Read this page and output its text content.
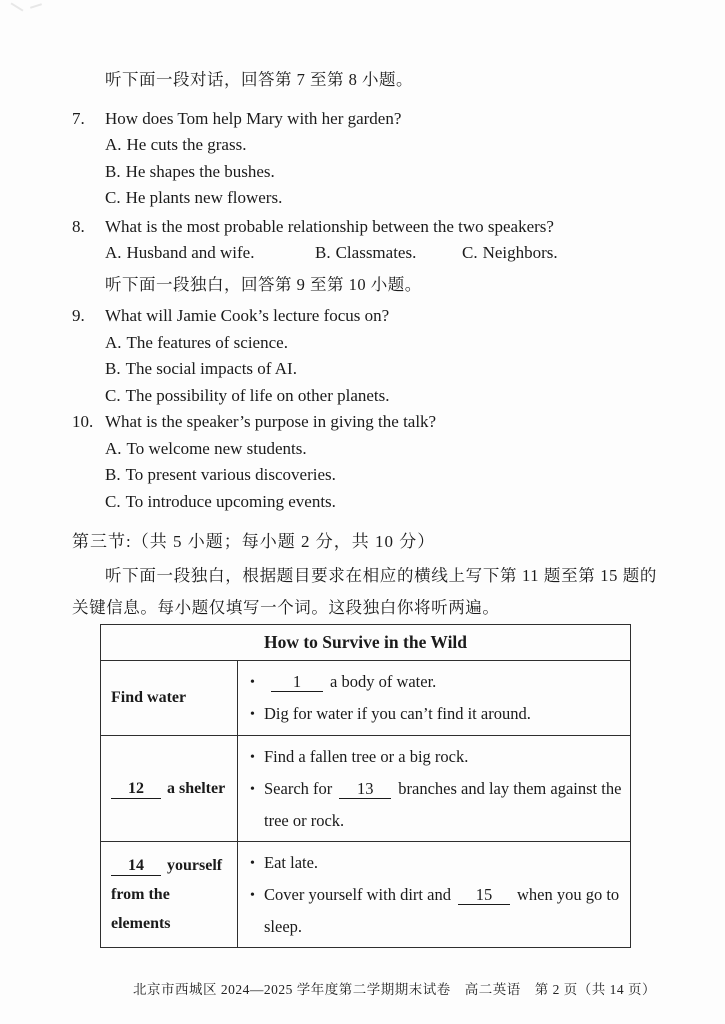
听下面一段对话，回答第 7 至第 8 小题。

7.	How does Tom help Mary with her garden?
A. He cuts the grass.
B. He shapes the bushes.
C. He plants new flowers.
8.	What is the most probable relationship between the two speakers?
A. Husband and wife.	B. Classmates.	C. Neighbors.

听下面一段独白，回答第 9 至第 10 小题。

9.	What will Jamie Cook’s lecture focus on?
A. The features of science.
B. The social impacts of AI.
C. The possibility of life on other planets.
10. What is the speaker’s purpose in giving the talk?
A. To welcome new students.
B. To present various discoveries.
C. To introduce upcoming events.

第三节:（共 5 小题；每小题 2 分，共 10 分）

听下面一段独白，根据题目要求在相应的横线上写下第 11 题至第 15 题的关键信息。每小题仅填写一个词。这段独白你将听两遍。

How to Survive in the Wild	
Find water	• 1 a body of water.
• Dig for water if you can’t find it around.

12 a shelter	• Find a fallen tree or a big rock.
• Search for 13 branches and lay them against the tree or rock.

14 yourself from the elements	• Eat late.
• Cover yourself with dirt and 15 when you go to sleep.

北京市西城区 2024—2025 学年度第二学期期末试卷　高二英语　第 2 页（共 14 页）
